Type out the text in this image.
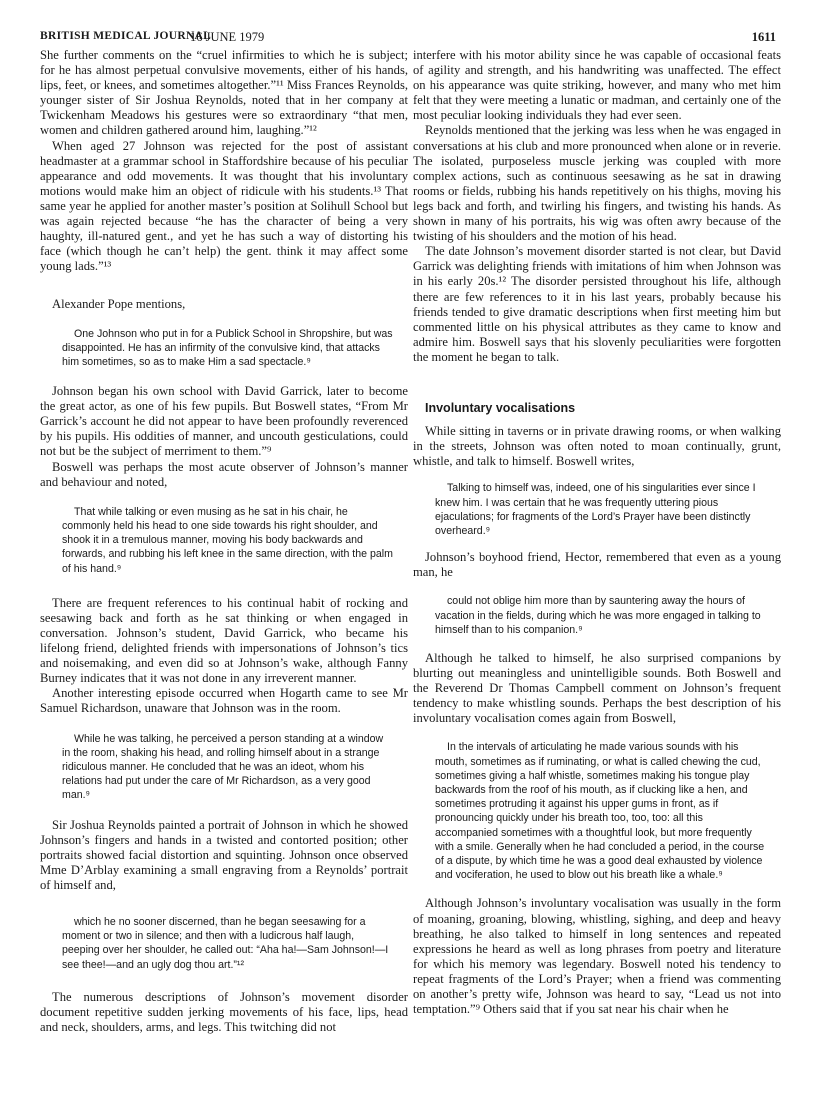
BRITISH MEDICAL JOURNAL
16 JUNE 1979	1611

She further comments on the “cruel infirmities to which he is subject; for he has almost perpetual convulsive movements, either of his hands, lips, feet, or knees, and sometimes altogether.”¹¹ Miss Frances Reynolds, younger sister of Sir Joshua Reynolds, noted that in her company at Twickenham Meadows his gestures were so extraordinary “that men, women and children gathered around him, laughing.”¹²

When aged 27 Johnson was rejected for the post of assistant headmaster at a grammar school in Staffordshire because of his peculiar appearance and odd movements. It was thought that his involuntary motions would make him an object of ridicule with his students.¹³ That same year he applied for another master’s position at Solihull School but was again rejected because “he has the character of being a very haughty, ill-natured gent., and yet he has such a way of distorting his face (which though he can’t help) the gent. think it may affect some young lads.”¹³

Alexander Pope mentions,

One Johnson who put in for a Publick School in Shropshire, but was disappointed. He has an infirmity of the convulsive kind, that attacks him sometimes, so as to make Him a sad spectacle.⁹

Johnson began his own school with David Garrick, later to become the great actor, as one of his few pupils. But Boswell states, “From Mr Garrick’s account he did not appear to have been profoundly reverenced by his pupils. His oddities of manner, and uncouth gesticulations, could not but be the subject of merriment to them.”⁹

Boswell was perhaps the most acute observer of Johnson’s manner and behaviour and noted,

That while talking or even musing as he sat in his chair, he commonly held his head to one side towards his right shoulder, and shook it in a tremulous manner, moving his body backwards and forwards, and rubbing his left knee in the same direction, with the palm of his hand.⁹

There are frequent references to his continual habit of rocking and seesawing back and forth as he sat thinking or when engaged in conversation. Johnson’s student, David Garrick, who became his lifelong friend, delighted friends with impersonations of Johnson’s tics and noisemaking, and even did so at Johnson’s wake, although Fanny Burney indicates that it was not done in any irreverent manner.

Another interesting episode occurred when Hogarth came to see Mr Samuel Richardson, unaware that Johnson was in the room.

While he was talking, he perceived a person standing at a window in the room, shaking his head, and rolling himself about in a strange ridiculous manner. He concluded that he was an ideot, whom his relations had put under the care of Mr Richardson, as a very good man.⁹

Sir Joshua Reynolds painted a portrait of Johnson in which he showed Johnson’s fingers and hands in a twisted and contorted position; other portraits showed facial distortion and squinting. Johnson once observed Mme D’Arblay examining a small engraving from a Reynolds’ portrait of himself and,

which he no sooner discerned, than he began seesawing for a moment or two in silence; and then with a ludicrous half laugh, peeping over her shoulder, he called out: “Aha ha!—Sam Johnson!—I see thee!—and an ugly dog thou art.”¹²

The numerous descriptions of Johnson’s movement disorder document repetitive sudden jerking movements of his face, lips, head and neck, shoulders, arms, and legs. This twitching did not

interfere with his motor ability since he was capable of occasional feats of agility and strength, and his handwriting was unaffected. The effect on his appearance was quite striking, however, and many who met him felt that they were meeting a lunatic or madman, and certainly one of the most peculiar looking individuals they had ever seen.

Reynolds mentioned that the jerking was less when he was engaged in conversations at his club and more pronounced when alone or in reverie. The isolated, purposeless muscle jerking was coupled with more complex actions, such as continuous seesawing as he sat in drawing rooms or fields, rubbing his hands repetitively on his thighs, moving his legs back and forth, and twirling his fingers, and twisting his hands. As shown in many of his portraits, his wig was often awry because of the twisting of his shoulders and the motion of his head.

The date Johnson’s movement disorder started is not clear, but David Garrick was delighting friends with imitations of him when Johnson was in his early 20s.¹² The disorder persisted throughout his life, although there are few references to it in his last years, probably because his friends tended to give dramatic descriptions when first meeting him but commented little on his physical attributes as they came to know and admire him. Boswell says that his slovenly peculiarities were forgotten the moment he began to talk.

Involuntary vocalisations

While sitting in taverns or in private drawing rooms, or when walking in the streets, Johnson was often noted to moan continually, grunt, whistle, and talk to himself. Boswell writes,

Talking to himself was, indeed, one of his singularities ever since I knew him. I was certain that he was frequently uttering pious ejaculations; for fragments of the Lord’s Prayer have been distinctly overheard.⁹

Johnson’s boyhood friend, Hector, remembered that even as a young man, he

could not oblige him more than by sauntering away the hours of vacation in the fields, during which he was more engaged in talking to himself than to his companion.⁹

Although he talked to himself, he also surprised companions by blurting out meaningless and unintelligible sounds. Both Boswell and the Reverend Dr Thomas Campbell comment on Johnson’s frequent tendency to make whistling sounds. Perhaps the best description of his involuntary vocalisation comes again from Boswell,

In the intervals of articulating he made various sounds with his mouth, sometimes as if ruminating, or what is called chewing the cud, sometimes giving a half whistle, sometimes making his tongue play backwards from the roof of his mouth, as if clucking like a hen, and sometimes protruding it against his upper gums in front, as if pronouncing quickly under his breath too, too, too: all this accompanied sometimes with a thoughtful look, but more frequently with a smile. Generally when he had concluded a period, in the course of a dispute, by which time he was a good deal exhausted by violence and vociferation, he used to blow out his breath like a whale.⁹

Although Johnson’s involuntary vocalisation was usually in the form of moaning, groaning, blowing, whistling, sighing, and deep and heavy breathing, he also talked to himself in long sentences and repeated expressions he heard as well as long phrases from poetry and literature for which his memory was legendary. Boswell noted his tendency to repeat fragments of the Lord’s Prayer; when a friend was commenting on another’s pretty wife, Johnson was heard to say, “Lead us not into temptation.”⁹ Others said that if you sat near his chair when he
